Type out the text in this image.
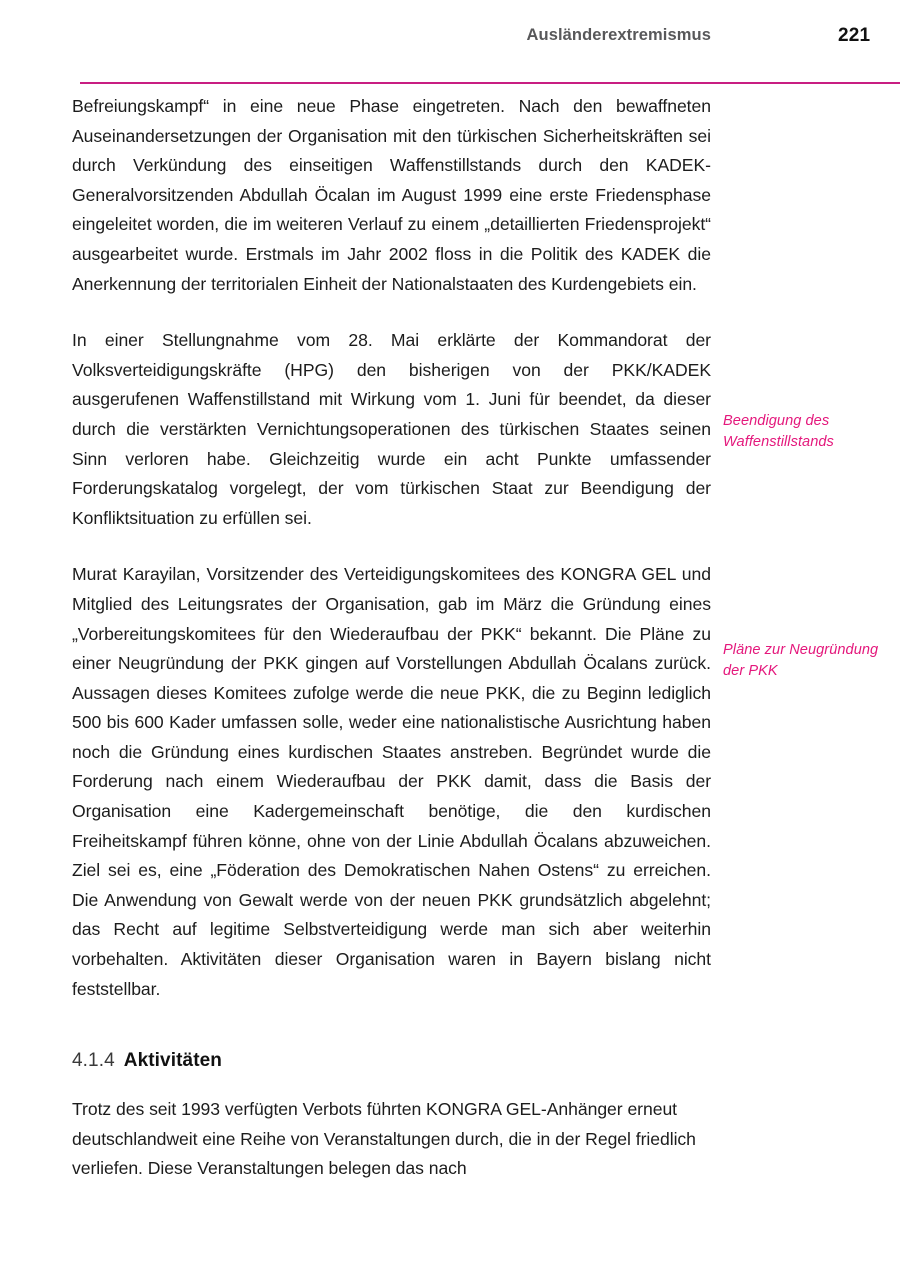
Ausländerextremismus	221

Befreiungskampf“ in eine neue Phase eingetreten. Nach den bewaffneten Auseinandersetzungen der Organisation mit den türkischen Sicherheitskräften sei durch Verkündung des einseitigen Waffenstillstands durch den KADEK-Generalvorsitzenden Abdullah Öcalan im August 1999 eine erste Friedensphase eingeleitet worden, die im weiteren Verlauf zu einem „detaillierten Friedensprojekt“ ausgearbeitet wurde. Erstmals im Jahr 2002 floss in die Politik des KADEK die Anerkennung der territorialen Einheit der Nationalstaaten des Kurdengebiets ein.

In einer Stellungnahme vom 28. Mai erklärte der Kommandorat der Volksverteidigungskräfte (HPG) den bisherigen von der PKK/KADEK ausgerufenen Waffenstillstand mit Wirkung vom 1. Juni für beendet, da dieser durch die verstärkten Vernichtungsoperationen des türkischen Staates seinen Sinn verloren habe. Gleichzeitig wurde ein acht Punkte umfassender Forderungskatalog vorgelegt, der vom türkischen Staat zur Beendigung der Konfliktsituation zu erfüllen sei.

Murat Karayilan, Vorsitzender des Verteidigungskomitees des KONGRA GEL und Mitglied des Leitungsrates der Organisation, gab im März die Gründung eines „Vorbereitungskomitees für den Wiederaufbau der PKK“ bekannt. Die Pläne zu einer Neugründung der PKK gingen auf Vorstellungen Abdullah Öcalans zurück. Aussagen dieses Komitees zufolge werde die neue PKK, die zu Beginn lediglich 500 bis 600 Kader umfassen solle, weder eine nationalistische Ausrichtung haben noch die Gründung eines kurdischen Staates anstreben. Begründet wurde die Forderung nach einem Wiederaufbau der PKK damit, dass die Basis der Organisation eine Kadergemeinschaft benötige, die den kurdischen Freiheitskampf führen könne, ohne von der Linie Abdullah Öcalans abzuweichen. Ziel sei es, eine „Föderation des Demokratischen Nahen Ostens“ zu erreichen. Die Anwendung von Gewalt werde von der neuen PKK grundsätzlich abgelehnt; das Recht auf legitime Selbstverteidigung werde man sich aber weiterhin vorbehalten. Aktivitäten dieser Organisation waren in Bayern bislang nicht feststellbar.

4.1.4 Aktivitäten

Trotz des seit 1993 verfügten Verbots führten KONGRA GEL-Anhänger erneut deutschlandweit eine Reihe von Veranstaltungen durch, die in der Regel friedlich verliefen. Diese Veranstaltungen belegen das nach

Beendigung des Waffenstillstands
Pläne zur Neugründung der PKK
